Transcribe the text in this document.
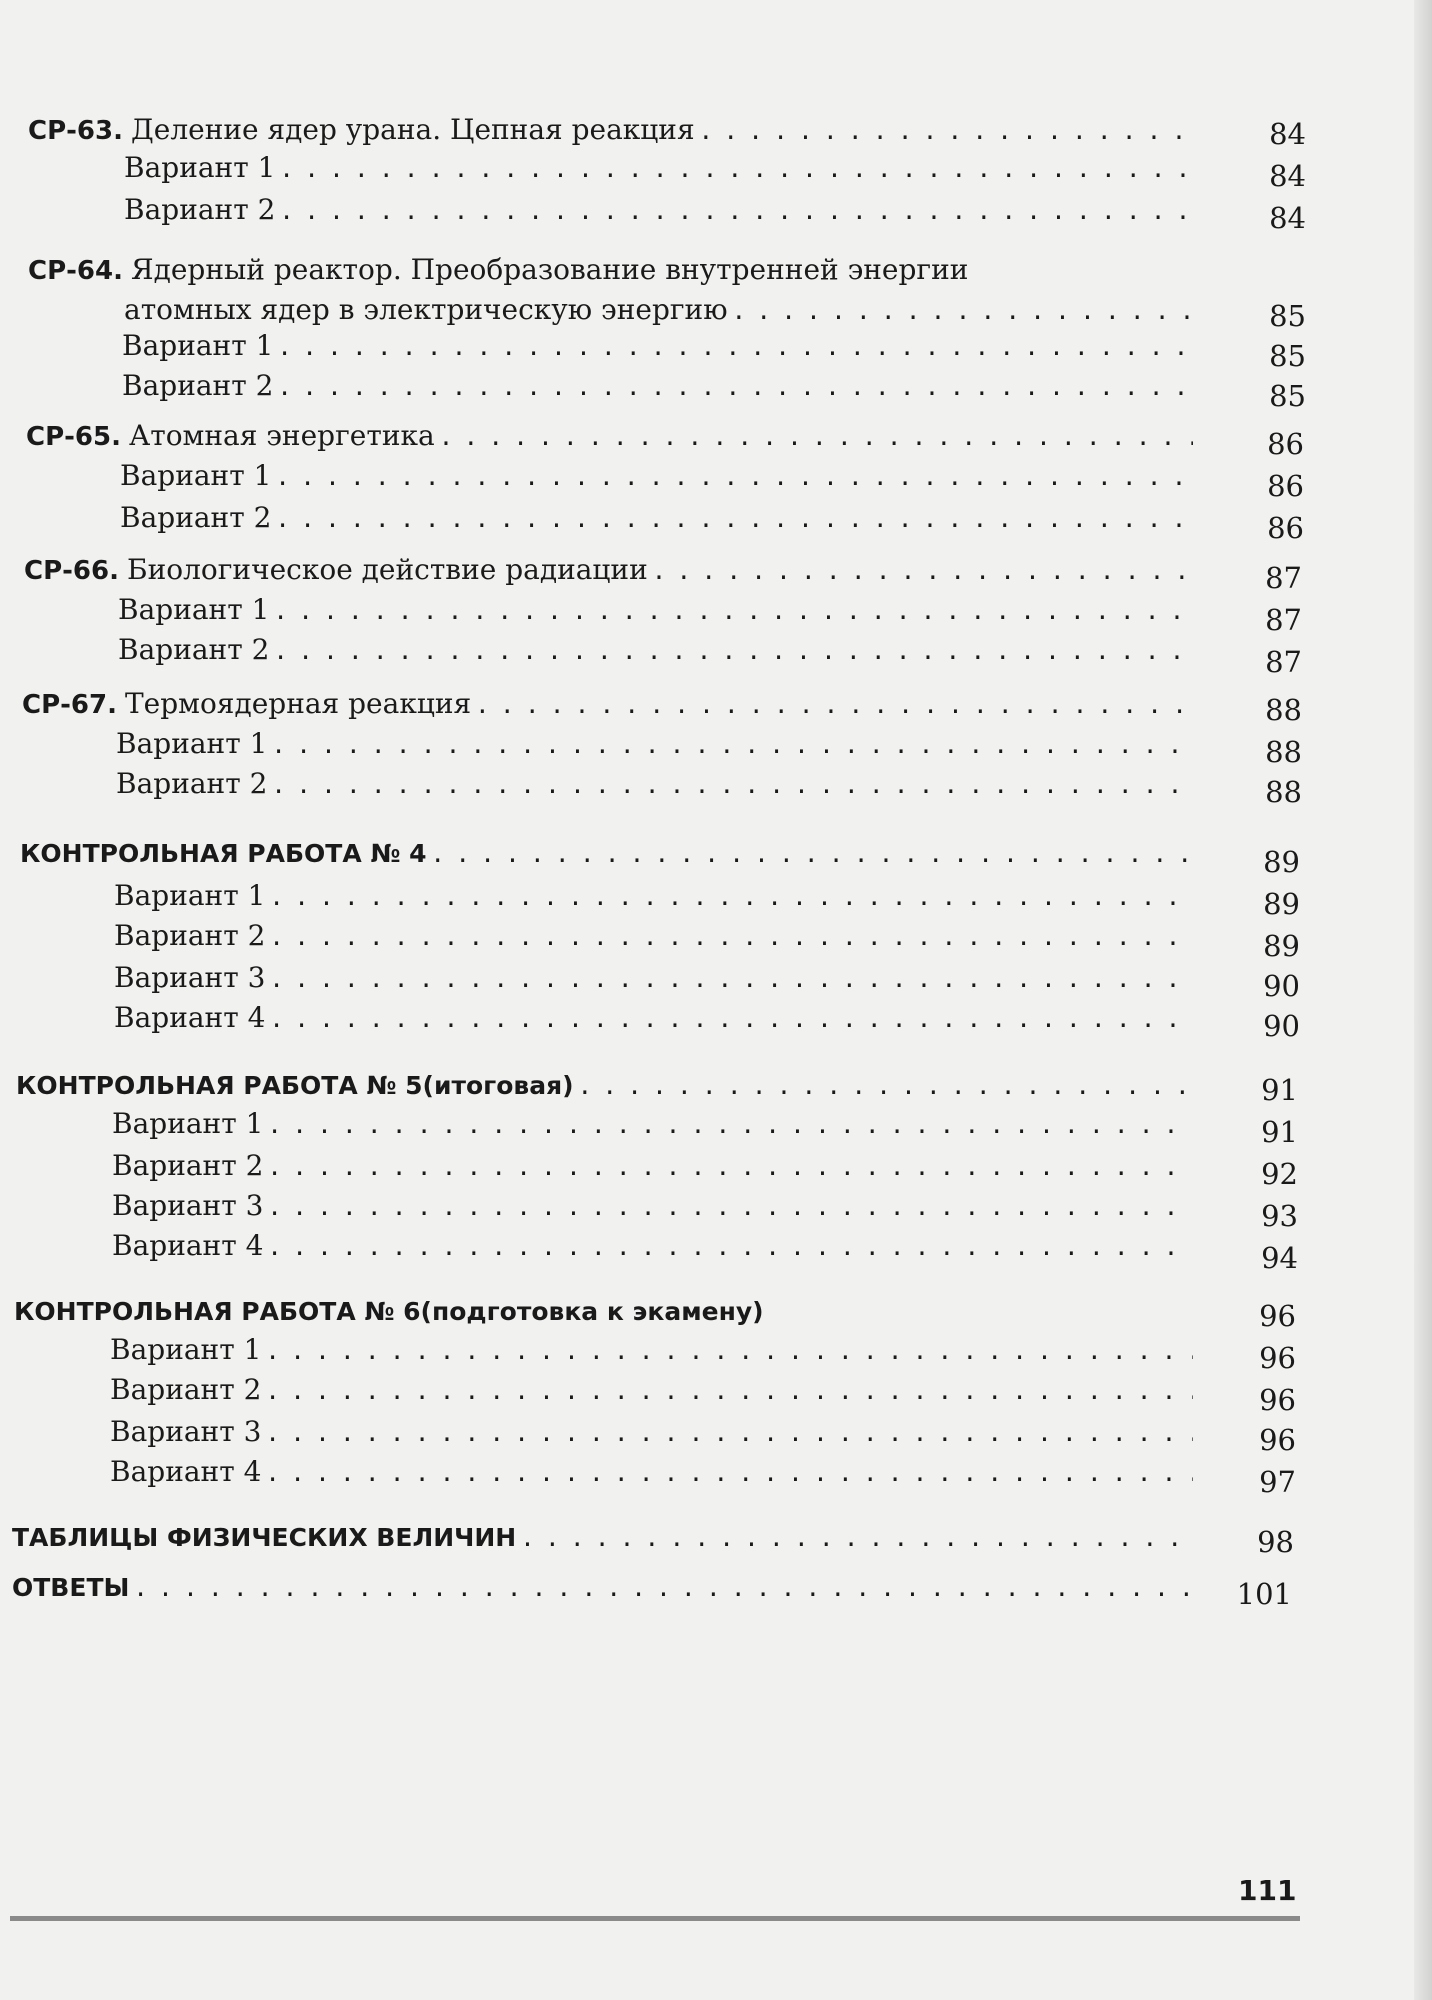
СР-63. Деление ядер урана. Цепная реакция . . .	84
Вариант 1 . . .	84
Вариант 2 . . .	84
СР-64. Ядерный реактор. Преобразование внутренней энергии
атомных ядер в электрическую энергию . . .	85
Вариант 1 . . .	85
Вариант 2 . . .	85
СР-65. Атомная энергетика . . .	86
Вариант 1 . . .	86
Вариант 2 . . .	86
СР-66. Биологическое действие радиации . . .	87
Вариант 1 . . .	87
Вариант 2 . . .	87
СР-67. Термоядерная реакция . . .	88
Вариант 1 . . .	88
Вариант 2 . . .	88
КОНТРОЛЬНАЯ РАБОТА № 4 . . .	89
Вариант 1 . . .	89
Вариант 2 . . .	89
Вариант 3 . . .	90
Вариант 4 . . .	90
КОНТРОЛЬНАЯ РАБОТА № 5 (итоговая) . . .	91
Вариант 1 . . .	91
Вариант 2 . . .	92
Вариант 3 . . .	93
Вариант 4 . . .	94
КОНТРОЛЬНАЯ РАБОТА № 6 (подготовка к экамену)	96
Вариант 1 . . .	96
Вариант 2 . . .	96
Вариант 3 . . .	96
Вариант 4 . . .	97
ТАБЛИЦЫ ФИЗИЧЕСКИХ ВЕЛИЧИН . . .	98
ОТВЕТЫ . . .	101
111
